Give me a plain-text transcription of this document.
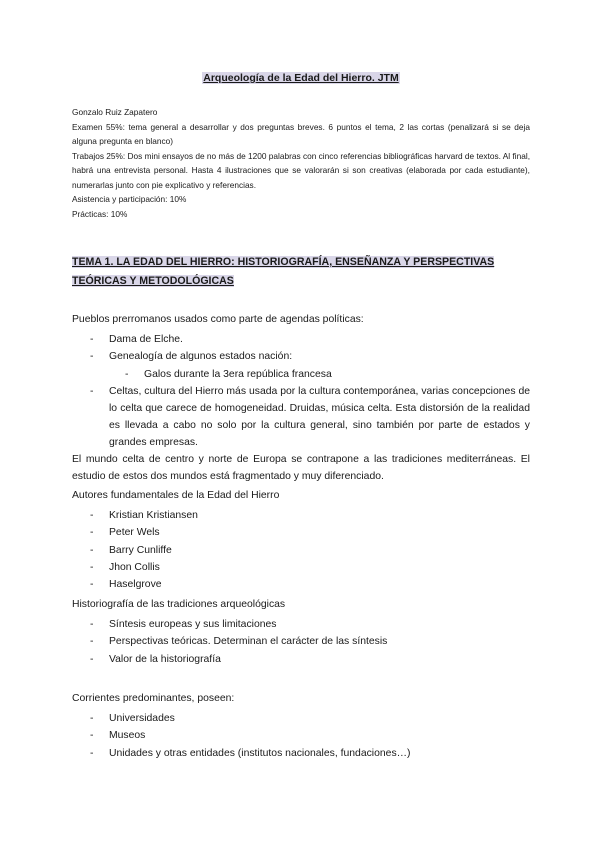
Arqueología de la Edad del Hierro. JTM

Gonzalo Ruiz Zapatero

Examen 55%: tema general a desarrollar y dos preguntas breves. 6 puntos el tema, 2 las cortas (penalizará si se deja alguna pregunta en blanco)

Trabajos 25%: Dos mini ensayos de no más de 1200 palabras con cinco referencias bibliográficas harvard de textos. Al final, habrá una entrevista personal. Hasta 4 ilustraciones que se valorarán si son creativas (elaborada por cada estudiante), numerarlas junto con pie explicativo y referencias.

Asistencia y participación: 10%

Prácticas: 10%

TEMA 1. LA EDAD DEL HIERRO: HISTORIOGRAFÍA, ENSEÑANZA Y PERSPECTIVAS TEÓRICAS Y METODOLÓGICAS

Pueblos prerromanos usados como parte de agendas políticas:

- Dama de Elche.
- Genealogía de algunos estados nación:
- Galos durante la 3era república francesa
- Celtas, cultura del Hierro más usada por la cultura contemporánea, varias concepciones de lo celta que carece de homogeneidad. Druidas, música celta. Esta distorsión de la realidad es llevada a cabo no solo por la cultura general, sino también por parte de estados y grandes empresas.

El mundo celta de centro y norte de Europa se contrapone a las tradiciones mediterráneas. El estudio de estos dos mundos está fragmentado y muy diferenciado.

Autores fundamentales de la Edad del Hierro

- Kristian Kristiansen
- Peter Wels
- Barry Cunliffe
- Jhon Collis
- Haselgrove

Historiografía de las tradiciones arqueológicas

- Síntesis europeas y sus limitaciones
- Perspectivas teóricas. Determinan el carácter de las síntesis
- Valor de la historiografía

Corrientes predominantes, poseen:

- Universidades
- Museos
- Unidades y otras entidades (institutos nacionales, fundaciones…)
